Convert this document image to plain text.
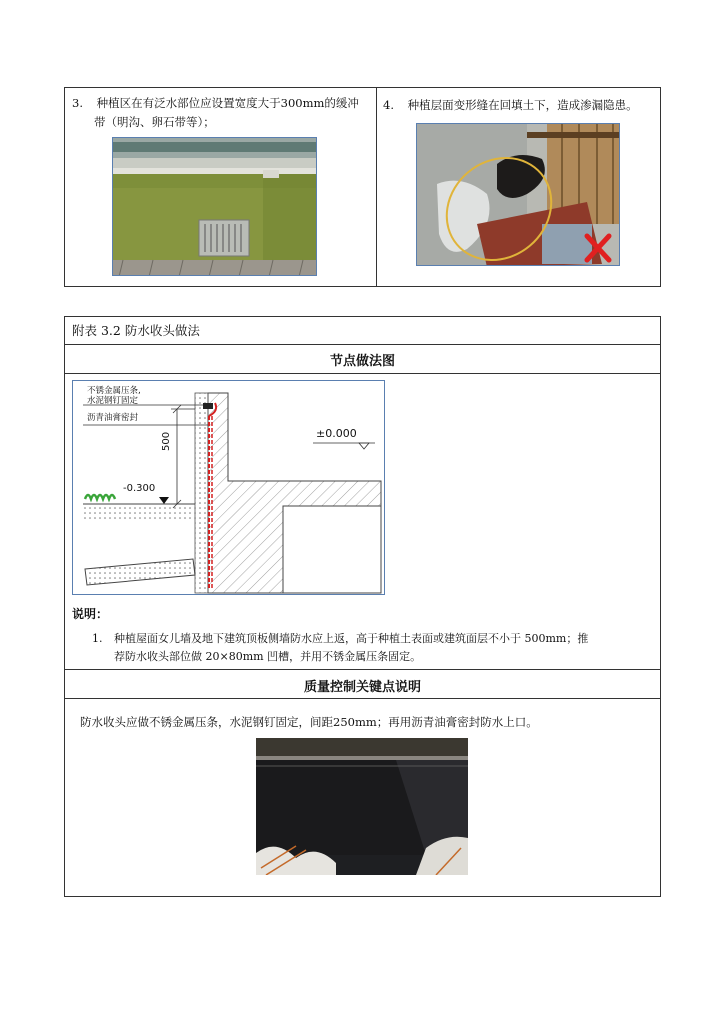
3. 种植区在有泛水部位应设置宽度大于300mm的缓冲
带（明沟、卵石带等）；
4. 种植层面变形缝在回填土下，造成渗漏隐患。
附表 3.2 防水收头做法
节点做法图
不锈金属压条,
水泥钢钉固定
沥青油膏密封
500
-0.300
±0.000
说明：
1. 种植屋面女儿墙及地下建筑顶板侧墙防水应上返，高于种植土表面或建筑面层不小于 500mm；推
荐防水收头部位做 20×80mm 凹槽，并用不锈金属压条固定。
质量控制关键点说明
防水收头应做不锈金属压条，水泥钢钉固定，间距250mm；再用沥青油膏密封防水上口。
